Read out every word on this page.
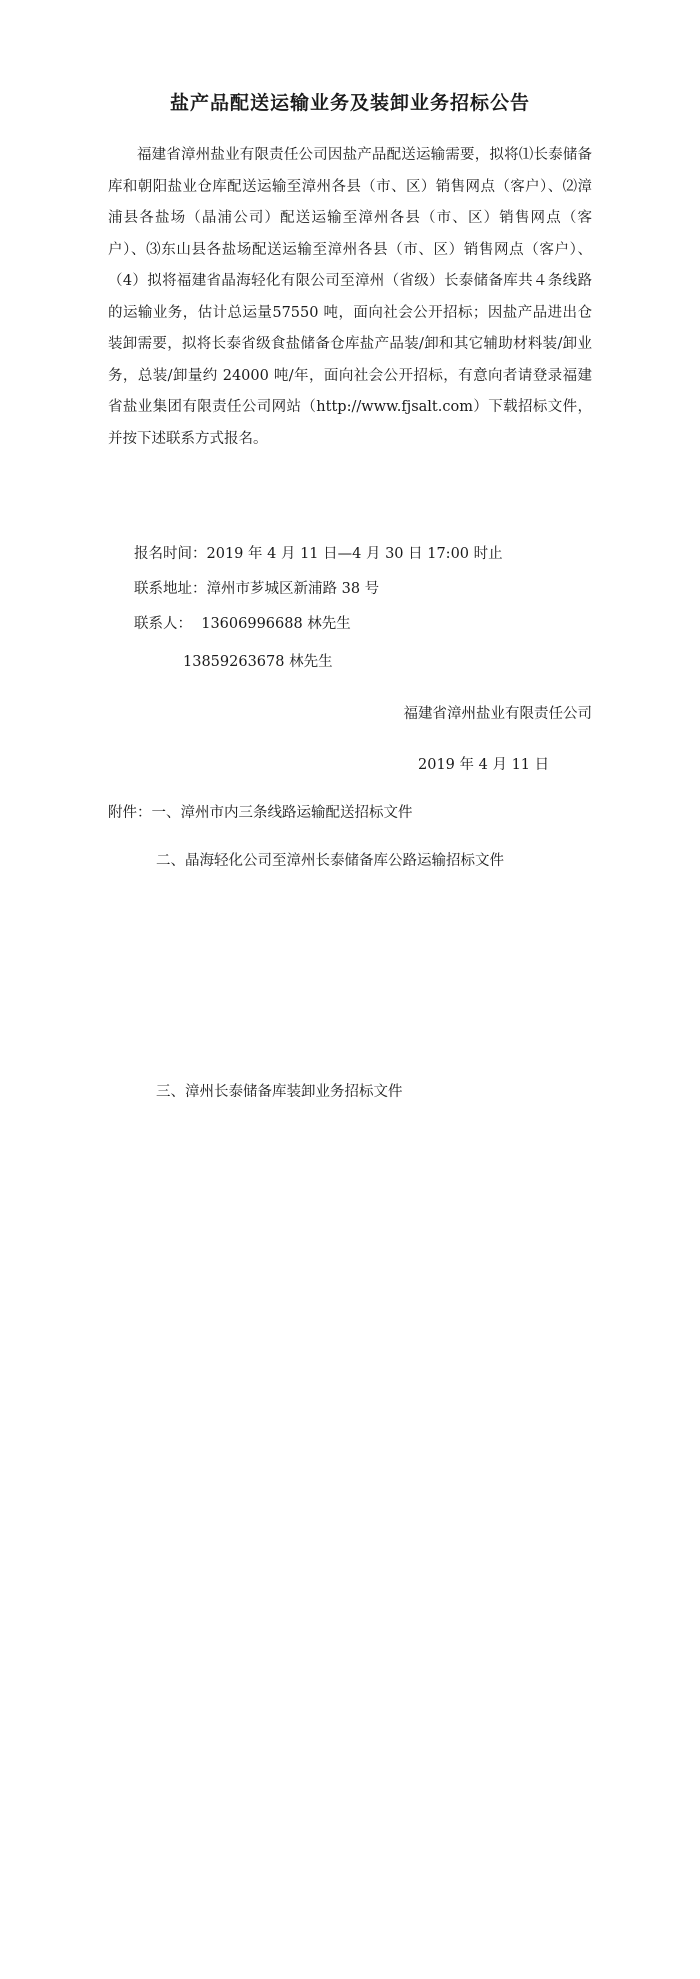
盐产品配送运输业务及装卸业务招标公告
福建省漳州盐业有限责任公司因盐产品配送运输需要，拟将⑴长泰储备库和朝阳盐业仓库配送运输至漳州各县（市、区）销售网点（客户）、⑵漳浦县各盐场（晶浦公司）配送运输至漳州各县（市、区）销售网点（客户）、⑶东山县各盐场配送运输至漳州各县（市、区）销售网点（客户）、（4）拟将福建省晶海轻化有限公司至漳州（省级）长泰储备库共４条线路的运输业务，估计总运量57550 吨，面向社会公开招标；因盐产品进出仓装卸需要，拟将长泰省级食盐储备仓库盐产品装/卸和其它辅助材料装/卸业务，总装/卸量约 24000 吨/年，面向社会公开招标，有意向者请登录福建省盐业集团有限责任公司网站（http://www.fjsalt.com）下载招标文件，并按下述联系方式报名。
报名时间：2019 年 4 月 11 日—4 月 30 日 17:00 时止
联系地址：漳州市芗城区新浦路 38 号
联系人：  13606996688 林先生
13859263678 林先生
福建省漳州盐业有限责任公司
2019 年 4 月 11 日
附件：一、漳州市内三条线路运输配送招标文件
二、晶海轻化公司至漳州长泰储备库公路运输招标文件
三、漳州长泰储备库装卸业务招标文件
